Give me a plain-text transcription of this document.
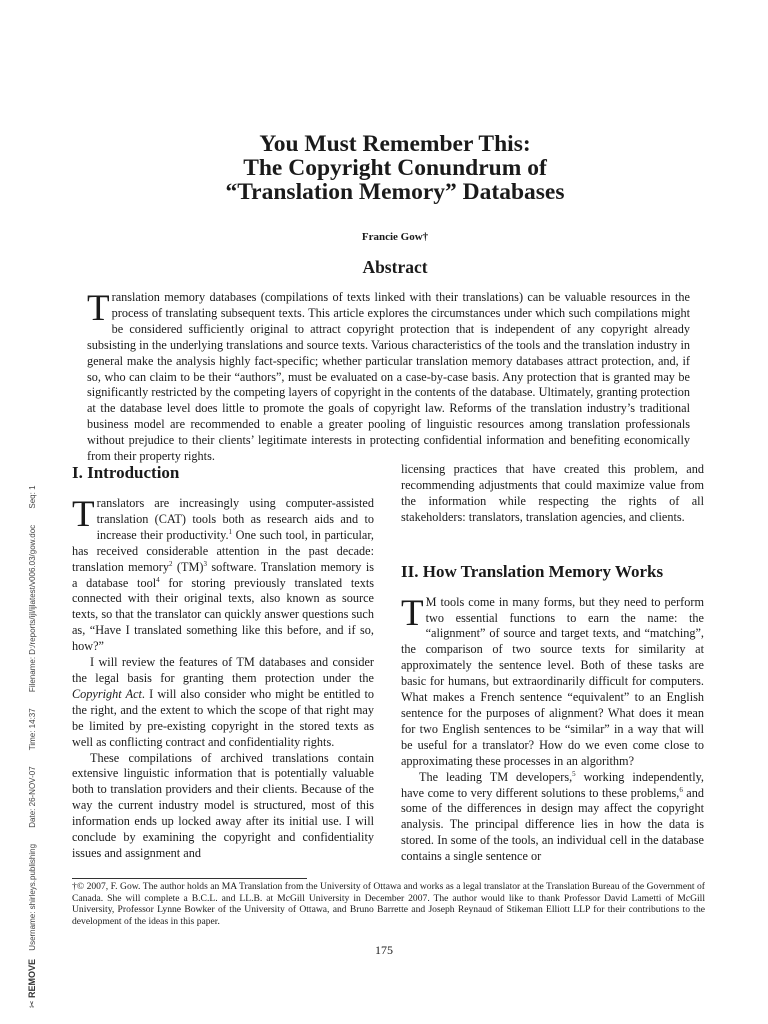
✂ REMOVE Username: shirleys.publishing Date: 26-NOV-07 Time: 14:37 Filename: D:/reports/ijl/ijlatest/v006.03/gow.doc Seq: 1
You Must Remember This:
The Copyright Conundrum of
“Translation Memory” Databases
Francie Gow†
Abstract
Translation memory databases (compilations of texts linked with their translations) can be valuable resources in the process of translating subsequent texts. This article explores the circumstances under which such compilations might be considered sufficiently original to attract copyright protection that is independent of any copyright already subsisting in the underlying translations and source texts. Various characteristics of the tools and the translation industry in general make the analysis highly fact-specific; whether particular translation memory databases attract protection, and, if so, who can claim to be their “authors”, must be evaluated on a case-by-case basis. Any protection that is granted may be significantly restricted by the competing layers of copyright in the contents of the database. Ultimately, granting protection at the database level does little to promote the goals of copyright law. Reforms of the translation industry’s traditional business model are recommended to enable a greater pooling of linguistic resources among translation professionals without prejudice to their clients’ legitimate interests in protecting confidential information and benefiting economically from their property rights.
I. Introduction

Translators are increasingly using computer-assisted translation (CAT) tools both as research aids and to increase their productivity.$^1$ One such tool, in particular, has received considerable attention in the past decade: translation memory$^2$ (TM)$^3$ software. Translation memory is a database tool$^4$ for storing previously translated texts connected with their original texts, also known as source texts, so that the translator can quickly answer questions such as, “Have I translated something like this before, and if so, how?”

I will review the features of TM databases and consider the legal basis for granting them protection under the Copyright Act. I will also consider who might be entitled to the right, and the extent to which the scope of that right may be limited by pre-existing copyright in the stored texts as well as conflicting contract and confidentiality rights.

These compilations of archived translations contain extensive linguistic information that is potentially valuable both to translation providers and their clients. Because of the way the current industry model is structured, most of this information ends up locked away after its initial use. I will conclude by examining the copyright and confidentiality issues and assignment and

licensing practices that have created this problem, and recommending adjustments that could maximize value from the information while respecting the rights of all stakeholders: translators, translation agencies, and clients.

II. How Translation Memory Works

T M tools come in many forms, but they need to perform two essential functions to earn the name: the “alignment” of source and target texts, and “matching”, the comparison of two source texts for similarity at approximately the sentence level. Both of these tasks are basic for humans, but extraordinarily difficult for computers. What makes a French sentence “equivalent” to an English sentence for the purposes of alignment? What does it mean for two English sentences to be “similar” in a way that will be useful for a translator? How do we even come close to approximating these processes in an algorithm?

The leading TM developers,$^5$ working independently, have come to very different solutions to these problems,$^6$ and some of the differences in design may affect the copyright analysis. The principal difference lies in how the data is stored. In some of the tools, an individual cell in the database contains a single sentence or

†© 2007, F. Gow. The author holds an MA Translation from the University of Ottawa and works as a legal translator at the Translation Bureau of the Government of Canada. She will complete a B.C.L. and LL.B. at McGill University in December 2007. The author would like to thank Professor David Lametti of McGill University, Professor Lynne Bowker of the University of Ottawa, and Bruno Barrette and Joseph Reynaud of Stikeman Elliott LLP for their contributions to the development of the ideas in this paper.
175
